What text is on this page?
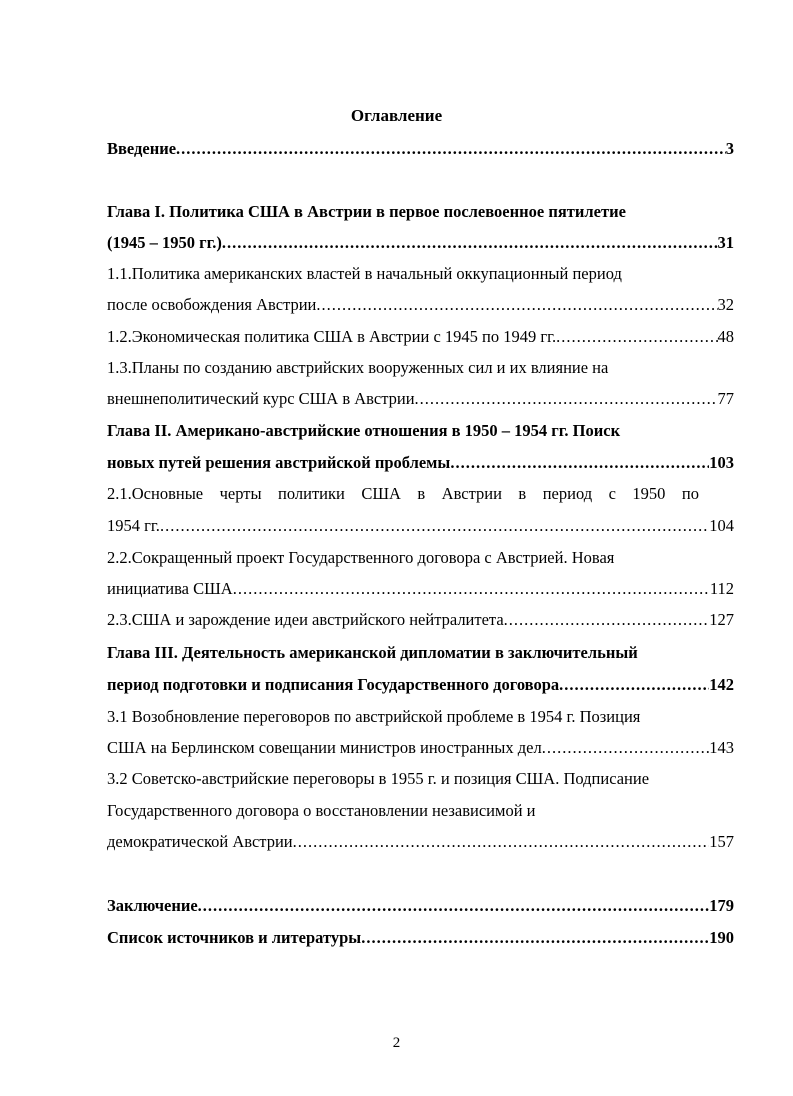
Оглавление
Введение .....	3
Глава I. Политика США в Австрии в первое послевоенное пятилетие
(1945 – 1950 гг.) .....	31
1.1.Политика американских властей в начальный оккупационный период
после освобождения Австрии .....	32
1.2.Экономическая политика США в Австрии с 1945 по 1949 гг. .....	48
1.3.Планы по созданию австрийских вооруженных сил и их влияние на
внешнеполитический курс США в Австрии .....	77
Глава II. Американо-австрийские отношения в 1950 – 1954 гг. Поиск
новых путей решения австрийской проблемы .....	103
2.1.Основные черты политики США в Австрии в период с 1950 по
1954 гг. .....	104
2.2.Сокращенный проект Государственного договора с Австрией. Новая
инициатива США .....	112
2.3.США и зарождение идеи австрийского нейтралитета .....	127
Глава III. Деятельность американской дипломатии в заключительный
период подготовки и подписания Государственного договора .....	142
3.1 Возобновление переговоров по австрийской проблеме в 1954 г. Позиция
США на Берлинском совещании министров иностранных дел .....	143
3.2 Советско-австрийские переговоры в 1955 г. и позиция США. Подписание
Государственного договора о восстановлении независимой и
демократической Австрии .....	157
Заключение .....	179
Список источников и литературы .....	190
2
